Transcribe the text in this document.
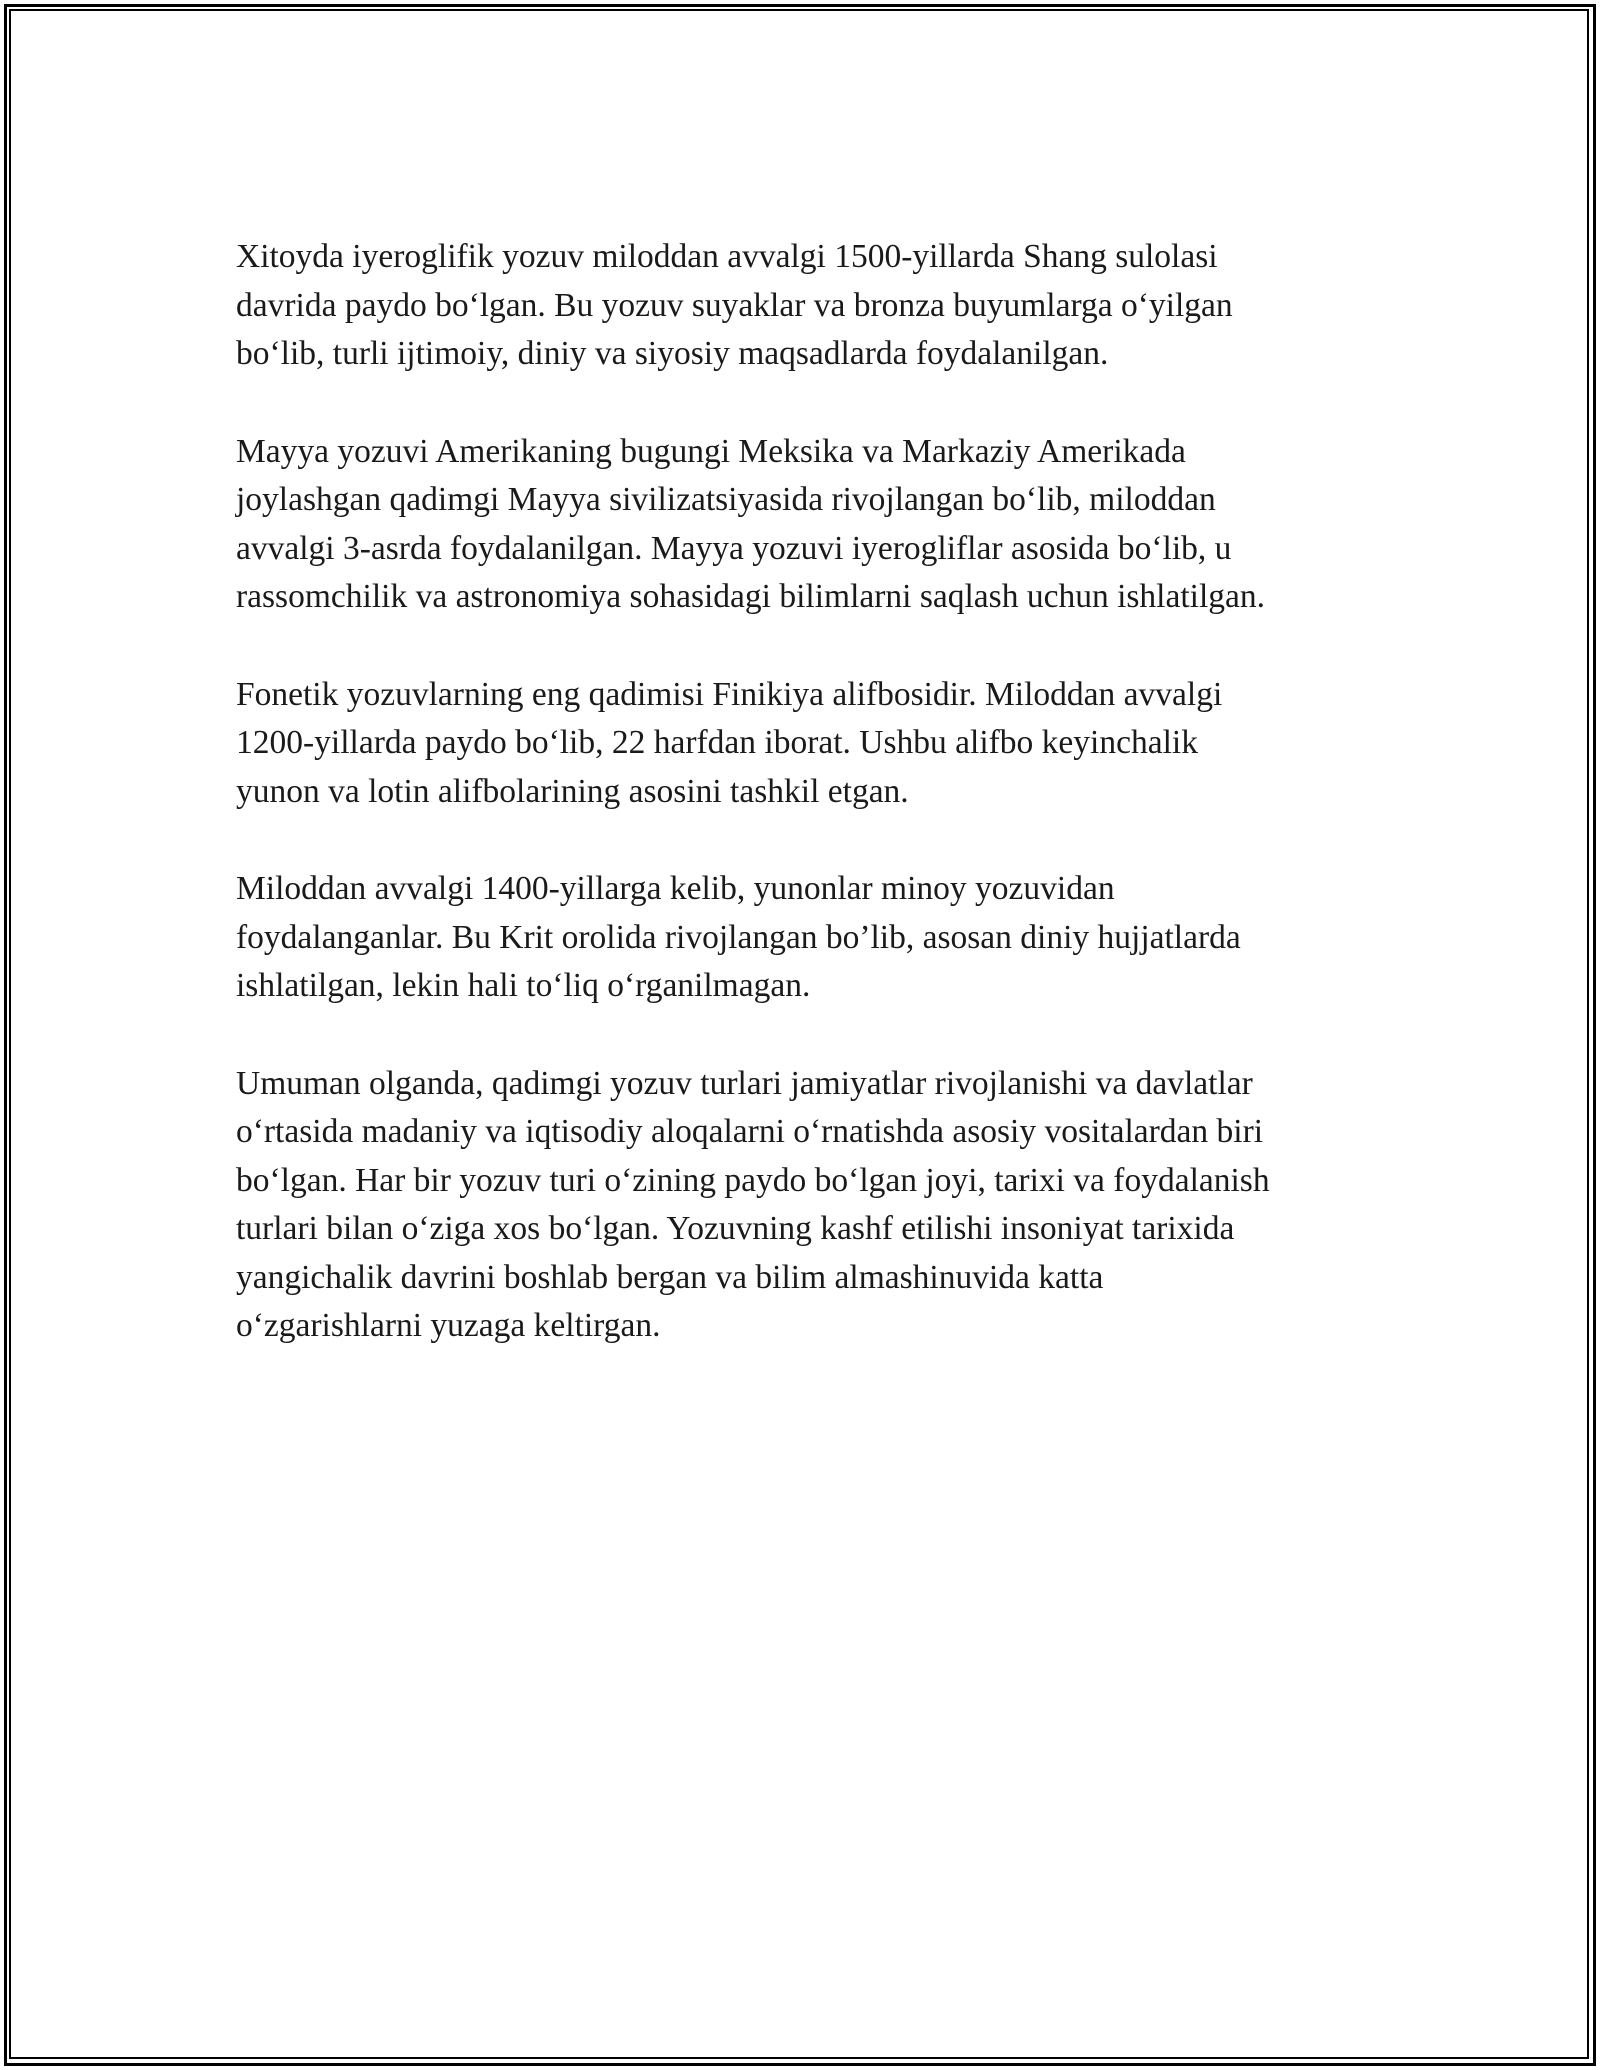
Xitoyda iyeroglifik yozuv miloddan avvalgi 1500-yillarda Shang sulolasi
davrida paydo bo‘lgan. Bu yozuv suyaklar va bronza buyumlarga o‘yilgan
bo‘lib, turli ijtimoiy, diniy va siyosiy maqsadlarda foydalanilgan.

Mayya yozuvi Amerikaning bugungi Meksika va Markaziy Amerikada
joylashgan qadimgi Mayya sivilizatsiyasida rivojlangan bo‘lib, miloddan
avvalgi 3-asrda foydalanilgan. Mayya yozuvi iyerogliflar asosida bo‘lib, u
rassomchilik va astronomiya sohasidagi bilimlarni saqlash uchun ishlatilgan.

Fonetik yozuvlarning eng qadimisi Finikiya alifbosidir. Miloddan avvalgi
1200-yillarda paydo bo‘lib, 22 harfdan iborat. Ushbu alifbo keyinchalik
yunon va lotin alifbolarining asosini tashkil etgan.

Miloddan avvalgi 1400-yillarga kelib, yunonlar minoy yozuvidan
foydalanganlar. Bu Krit orolida rivojlangan bo’lib, asosan diniy hujjatlarda
ishlatilgan, lekin hali to‘liq o‘rganilmagan.

Umuman olganda, qadimgi yozuv turlari jamiyatlar rivojlanishi va davlatlar
o‘rtasida madaniy va iqtisodiy aloqalarni o‘rnatishda asosiy vositalardan biri
bo‘lgan. Har bir yozuv turi o‘zining paydo bo‘lgan joyi, tarixi va foydalanish
turlari bilan o‘ziga xos bo‘lgan. Yozuvning kashf etilishi insoniyat tarixida
yangichalik davrini boshlab bergan va bilim almashinuvida katta
o‘zgarishlarni yuzaga keltirgan.
